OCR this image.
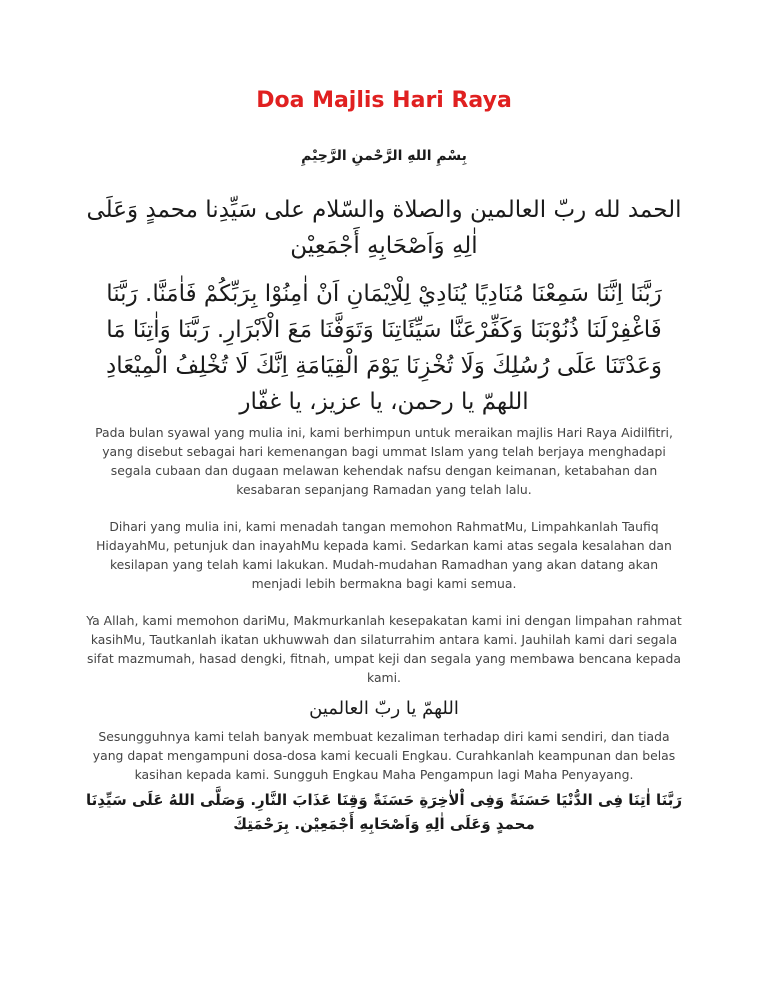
Doa Majlis Hari Raya

بِسْمِ اللهِ الرَّحْمنِ الرَّحِيْمِ

الحمد لله ربّ العالمين والصلاة والسّلام على سَيِّدِنا محمدٍ وَعَلَى اٰلِهِ وَاَصْحَابِهِ أَجْمَعِيْن

رَبَّنَا اِنَّنَا سَمِعْنَا مُنَادِيًا يُنَادِيْ لِلْاِيْمَانِ اَنْ اٰمِنُوْا بِرَبِّكُمْ فَاٰمَنَّا. رَبَّنَا فَاغْفِرْلَنَا ذُنُوْبَنَا وَكَفِّرْعَنَّا سَيِّئَاتِنَا وَتَوَفَّنَا مَعَ الْاَبْرَارِ. رَبَّنَا وَاٰتِنَا مَا وَعَدْتَنَا عَلَى رُسُلِكَ وَلَا تُخْزِنَا يَوْمَ الْقِيَامَةِ اِنَّكَ لَا تُخْلِفُ الْمِيْعَادِ اللهمّ يا رحمن، يا عزيز، يا غفّار

Pada bulan syawal yang mulia ini, kami berhimpun untuk meraikan majlis Hari Raya Aidilfitri, yang disebut sebagai hari kemenangan bagi ummat Islam yang telah berjaya menghadapi segala cubaan dan dugaan melawan kehendak nafsu dengan keimanan, ketabahan dan kesabaran sepanjang Ramadan yang telah lalu.

Dihari yang mulia ini, kami menadah tangan memohon RahmatMu, Limpahkanlah Taufiq HidayahMu, petunjuk dan inayahMu kepada kami. Sedarkan kami atas segala kesalahan dan kesilapan yang telah kami lakukan. Mudah-mudahan Ramadhan yang akan datang akan menjadi lebih bermakna bagi kami semua.

Ya Allah, kami memohon dariMu, Makmurkanlah kesepakatan kami ini dengan limpahan rahmat kasihMu, Tautkanlah ikatan ukhuwwah dan silaturrahim antara kami. Jauhilah kami dari segala sifat mazmumah, hasad dengki, fitnah, umpat keji dan segala yang membawa bencana kepada kami.

اللهمّ يا ربّ العالمين

Sesungguhnya kami telah banyak membuat kezaliman terhadap diri kami sendiri, dan tiada yang dapat mengampuni dosa-dosa kami kecuali Engkau. Curahkanlah keampunan dan belas kasihan kepada kami. Sungguh Engkau Maha Pengampun lagi Maha Penyayang.

رَبَّنَا اٰتِنَا فِى الدُّنْيَا حَسَنَةً وَفِى اْلاٰخِرَةِ حَسَنَةً وَقِنَا عَذَابَ النَّارِ. وَصَلَّى اللهُ عَلَى سَيِّدِنَا محمدٍ وَعَلَى اٰلِهِ وَاَصْحَابِهِ أَجْمَعِيْن. بِرَحْمَتِكَ
